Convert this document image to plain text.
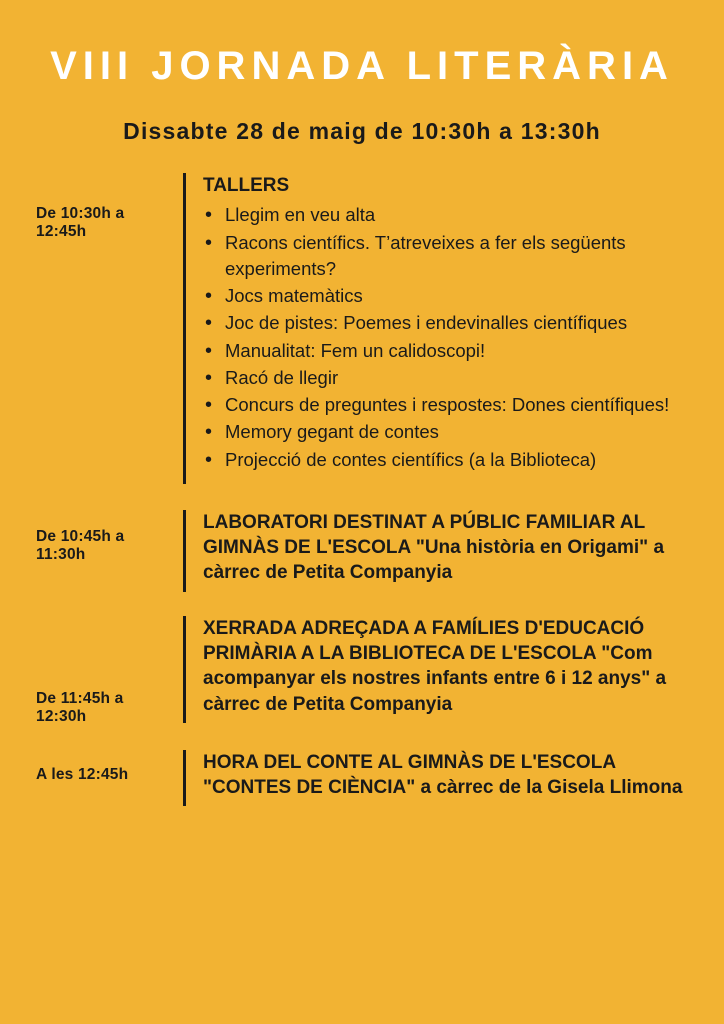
VIII JORNADA LITERÀRIA

Dissabte 28 de maig de 10:30h a 13:30h

De 10:30h a 12:45h
TALLERS
• Llegim en veu alta
• Racons científics. T’atreveixes a fer els següents experiments?
• Jocs matemàtics
• Joc de pistes: Poemes i endevinalles científiques
• Manualitat: Fem un calidoscopi!
• Racó de llegir
• Concurs de preguntes i respostes: Dones científiques!
• Memory gegant de contes
• Projecció de contes científics (a la Biblioteca)
De 10:45h a 11:30h
LABORATORI DESTINAT A PÚBLIC FAMILIAR AL GIMNÀS DE L'ESCOLA "Una història en Origami" a càrrec de Petita Companyia
De 11:45h a 12:30h
XERRADA ADREÇADA A FAMÍLIES D'EDUCACIÓ PRIMÀRIA A LA BIBLIOTECA DE L'ESCOLA "Com acompanyar els nostres infants entre 6 i 12 anys" a càrrec de Petita Companyia
A les 12:45h
HORA DEL CONTE AL GIMNÀS DE L'ESCOLA "CONTES DE CIÈNCIA" a càrrec de la Gisela Llimona
